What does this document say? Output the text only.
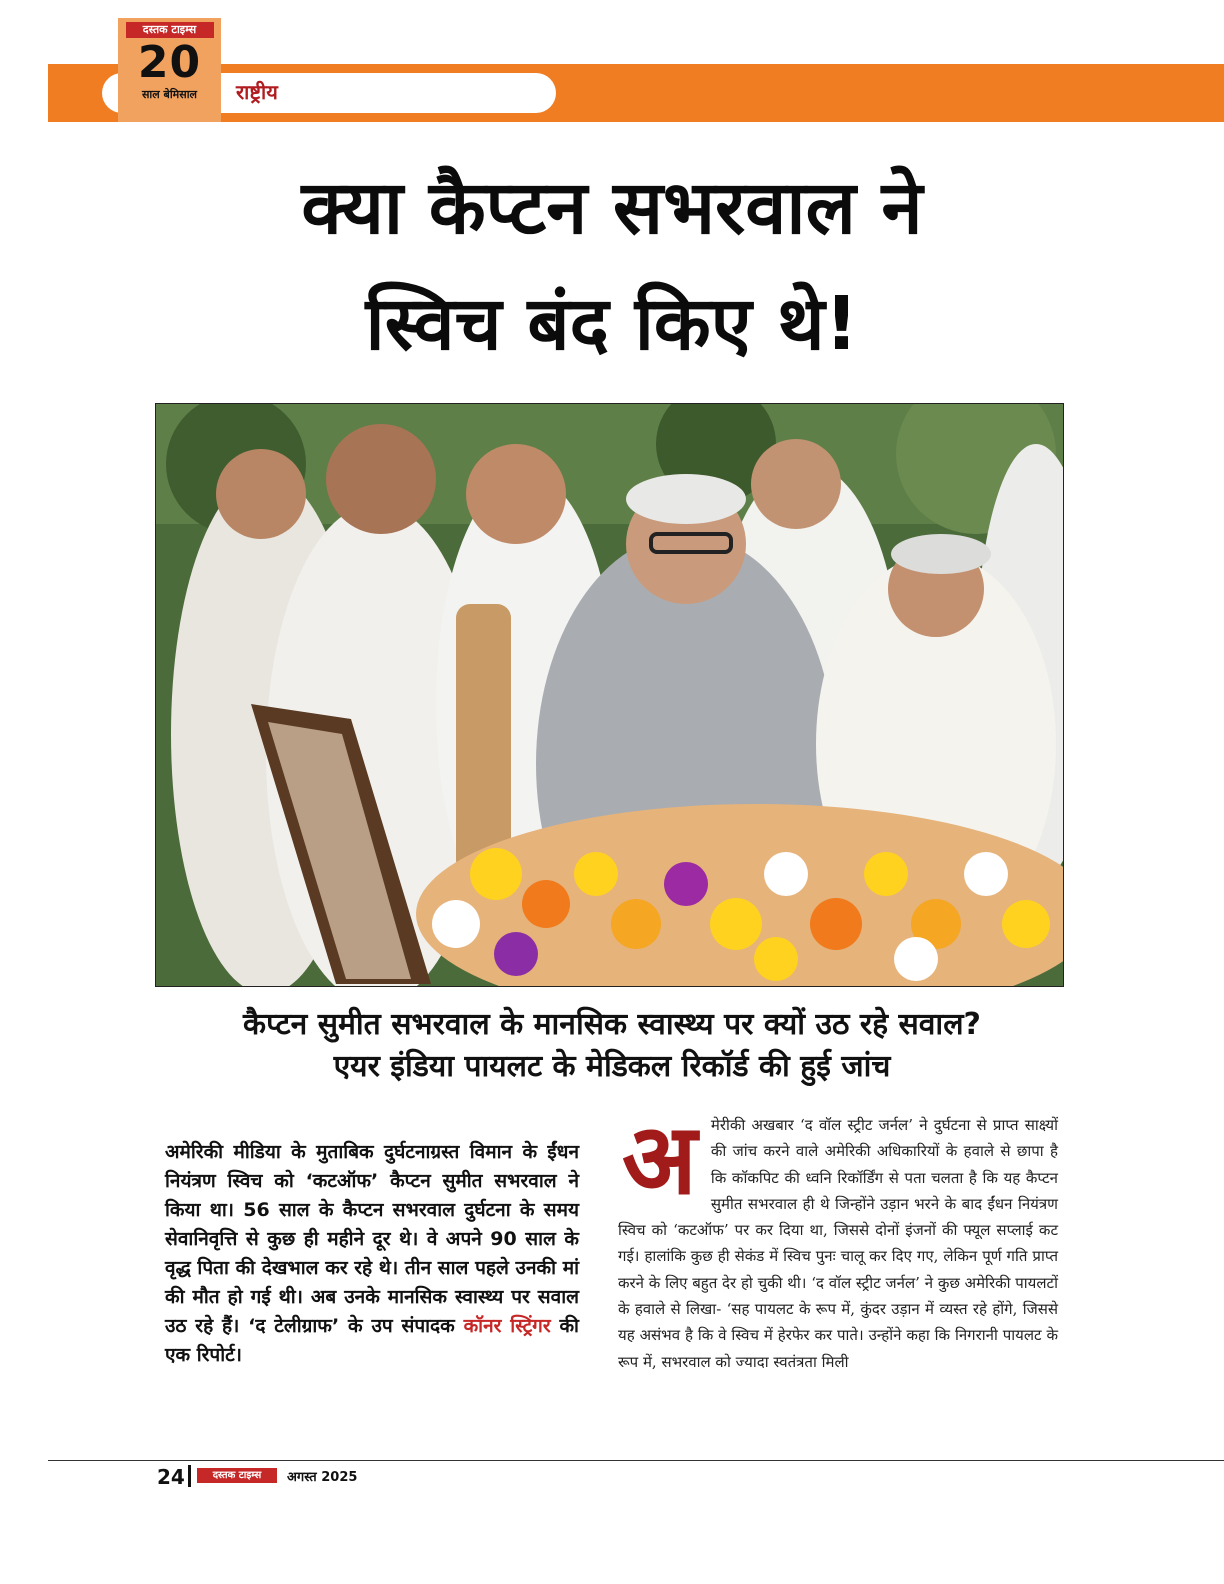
राष्ट्रीय
दस्तक टाइम्स
20
साल बेमिसाल
क्या कैप्टन सभरवाल ने
स्विच बंद किए थे!
कैप्टन सुमीत सभरवाल के मानसिक स्वास्थ्य पर क्यों उठ रहे सवाल?
एयर इंडिया पायलट के मेडिकल रिकॉर्ड की हुई जांच
अमेरिकी मीडिया के मुताबिक दुर्घटनाग्रस्त विमान के ईंधन नियंत्रण स्विच को ‘कटऑफ’ कैप्टन सुमीत सभरवाल ने किया था। 56 साल के कैप्टन सभरवाल दुर्घटना के समय सेवानिवृत्ति से कुछ ही महीने दूर थे। वे अपने 90 साल के वृद्ध पिता की देखभाल कर रहे थे। तीन साल पहले उनकी मां की मौत हो गई थी। अब उनके मानसिक स्वास्थ्य पर सवाल उठ रहे हैं। ‘द टेलीग्राफ’ के उप संपादक कॉनर स्ट्रिंगर की एक रिपोर्ट।
अ मेरीकी अखबार ‘द वॉल स्ट्रीट जर्नल’ ने दुर्घटना से प्राप्त साक्ष्यों की जांच करने वाले अमेरिकी अधिकारियों के हवाले से छापा है कि कॉकपिट की ध्वनि रिकॉर्डिंग से पता चलता है कि यह कैप्टन सुमीत सभरवाल ही थे जिन्होंने उड़ान भरने के बाद ईंधन नियंत्रण स्विच को ‘कटऑफ’ पर कर दिया था, जिससे दोनों इंजनों की फ्यूल सप्लाई कट गई। हालांकि कुछ ही सेकंड में स्विच पुनः चालू कर दिए गए, लेकिन पूर्ण गति प्राप्त करने के लिए बहुत देर हो चुकी थी। ‘द वॉल स्ट्रीट जर्नल’ ने कुछ अमेरिकी पायलटों के हवाले से लिखा- ‘सह पायलट के रूप में, कुंदर उड़ान में व्यस्त रहे होंगे, जिससे यह असंभव है कि वे स्विच में हेरफेर कर पाते। उन्होंने कहा कि निगरानी पायलट के रूप में, सभरवाल को ज्यादा स्वतंत्रता मिली
24	दस्तक टाइम्स	अगस्त 2025
